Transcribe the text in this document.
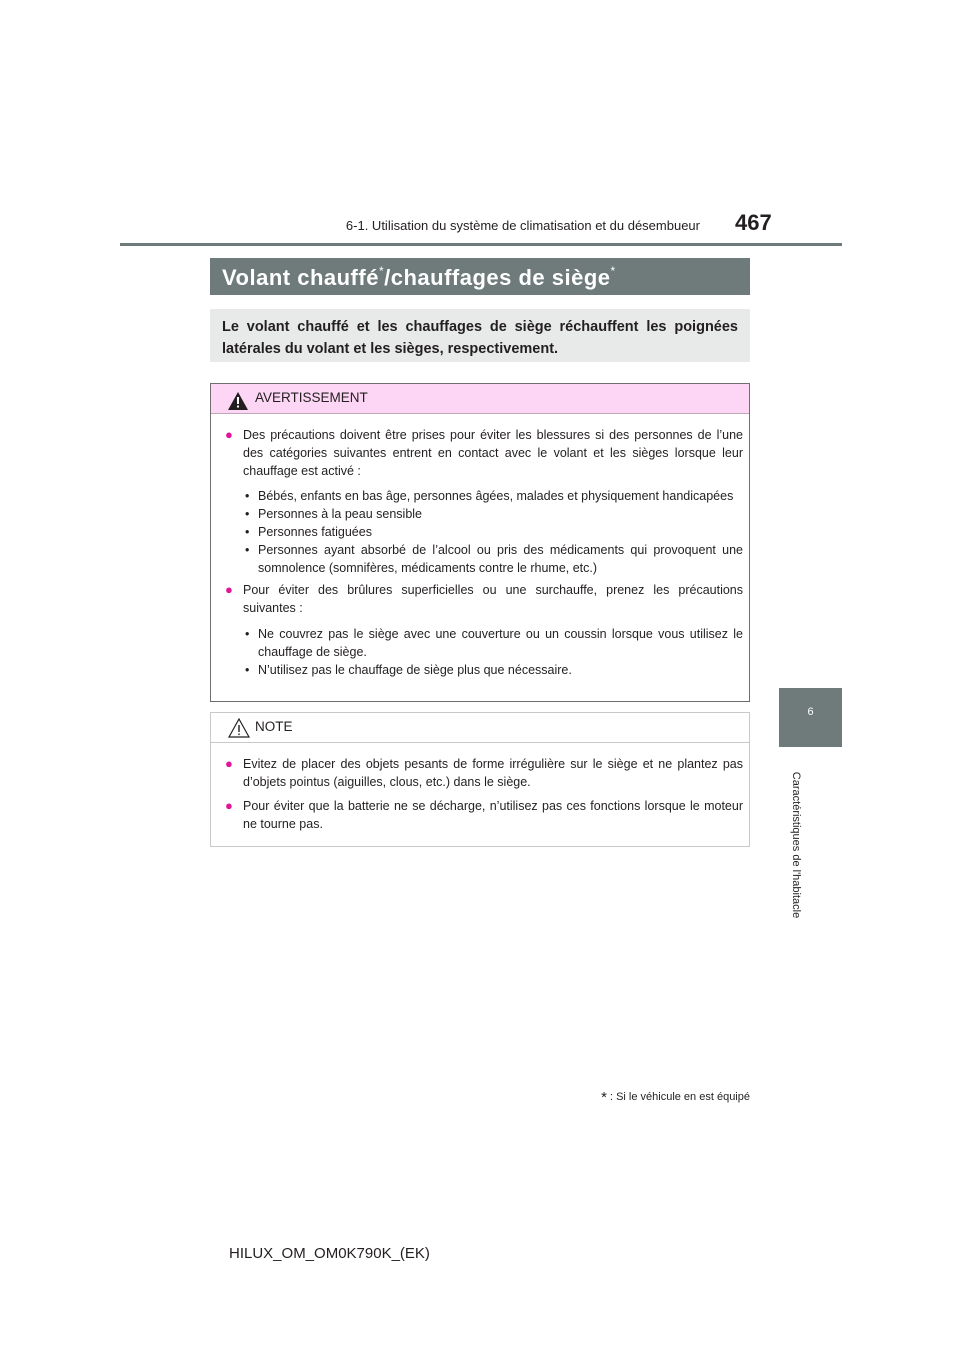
6-1. Utilisation du système de climatisation et du désembueur 467
6
Caractéristiques de l'habitacle
Volant chauffé*/chauffages de siège*

Le volant chauffé et les chauffages de siège réchauffent les poignées latérales du volant et les sièges, respectivement.

AVERTISSEMENT
● Des précautions doivent être prises pour éviter les blessures si des personnes de l’une des catégories suivantes entrent en contact avec le volant et les sièges lorsque leur chauffage est activé :
• Bébés, enfants en bas âge, personnes âgées, malades et physiquement handicapées
• Personnes à la peau sensible
• Personnes fatiguées
• Personnes ayant absorbé de l’alcool ou pris des médicaments qui provoquent une somnolence (somnifères, médicaments contre le rhume, etc.)
● Pour éviter des brûlures superficielles ou une surchauffe, prenez les précautions suivantes :
• Ne couvrez pas le siège avec une couverture ou un coussin lorsque vous utilisez le chauffage de siège.
• N’utilisez pas le chauffage de siège plus que nécessaire.
NOTE
● Evitez de placer des objets pesants de forme irrégulière sur le siège et ne plantez pas d’objets pointus (aiguilles, clous, etc.) dans le siège.
● Pour éviter que la batterie ne se décharge, n’utilisez pas ces fonctions lorsque le moteur ne tourne pas.
* : Si le véhicule en est équipé
HILUX_OM_OM0K790K_(EK)
